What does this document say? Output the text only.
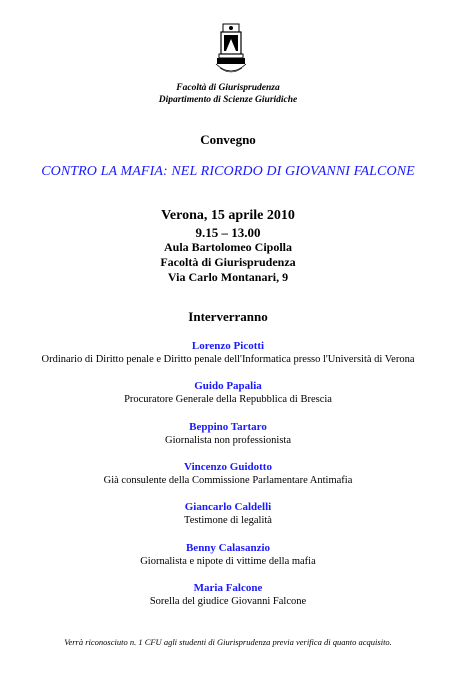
Facoltà di Giurisprudenza
Dipartimento di Scienze Giuridiche
Convegno
CONTRO LA MAFIA: NEL RICORDO DI GIOVANNI FALCONE
Verona, 15 aprile 2010
9.15 – 13.00
Aula Bartolomeo Cipolla
Facoltà di Giurisprudenza
Via Carlo Montanari, 9
Interverranno
Lorenzo Picotti
Ordinario di Diritto penale e Diritto penale dell'Informatica presso l'Università di Verona
Guido Papalia
Procuratore Generale della Repubblica di Brescia
Beppino Tartaro
Giornalista non professionista
Vincenzo Guidotto
Già consulente della Commissione Parlamentare Antimafia
Giancarlo Caldelli
Testimone di legalità
Benny Calasanzio
Giornalista e nipote di vittime della mafia
Maria Falcone
Sorella del giudice Giovanni Falcone
Verrà riconosciuto n. 1 CFU agli studenti di Giurisprudenza previa verifica di quanto acquisito.
